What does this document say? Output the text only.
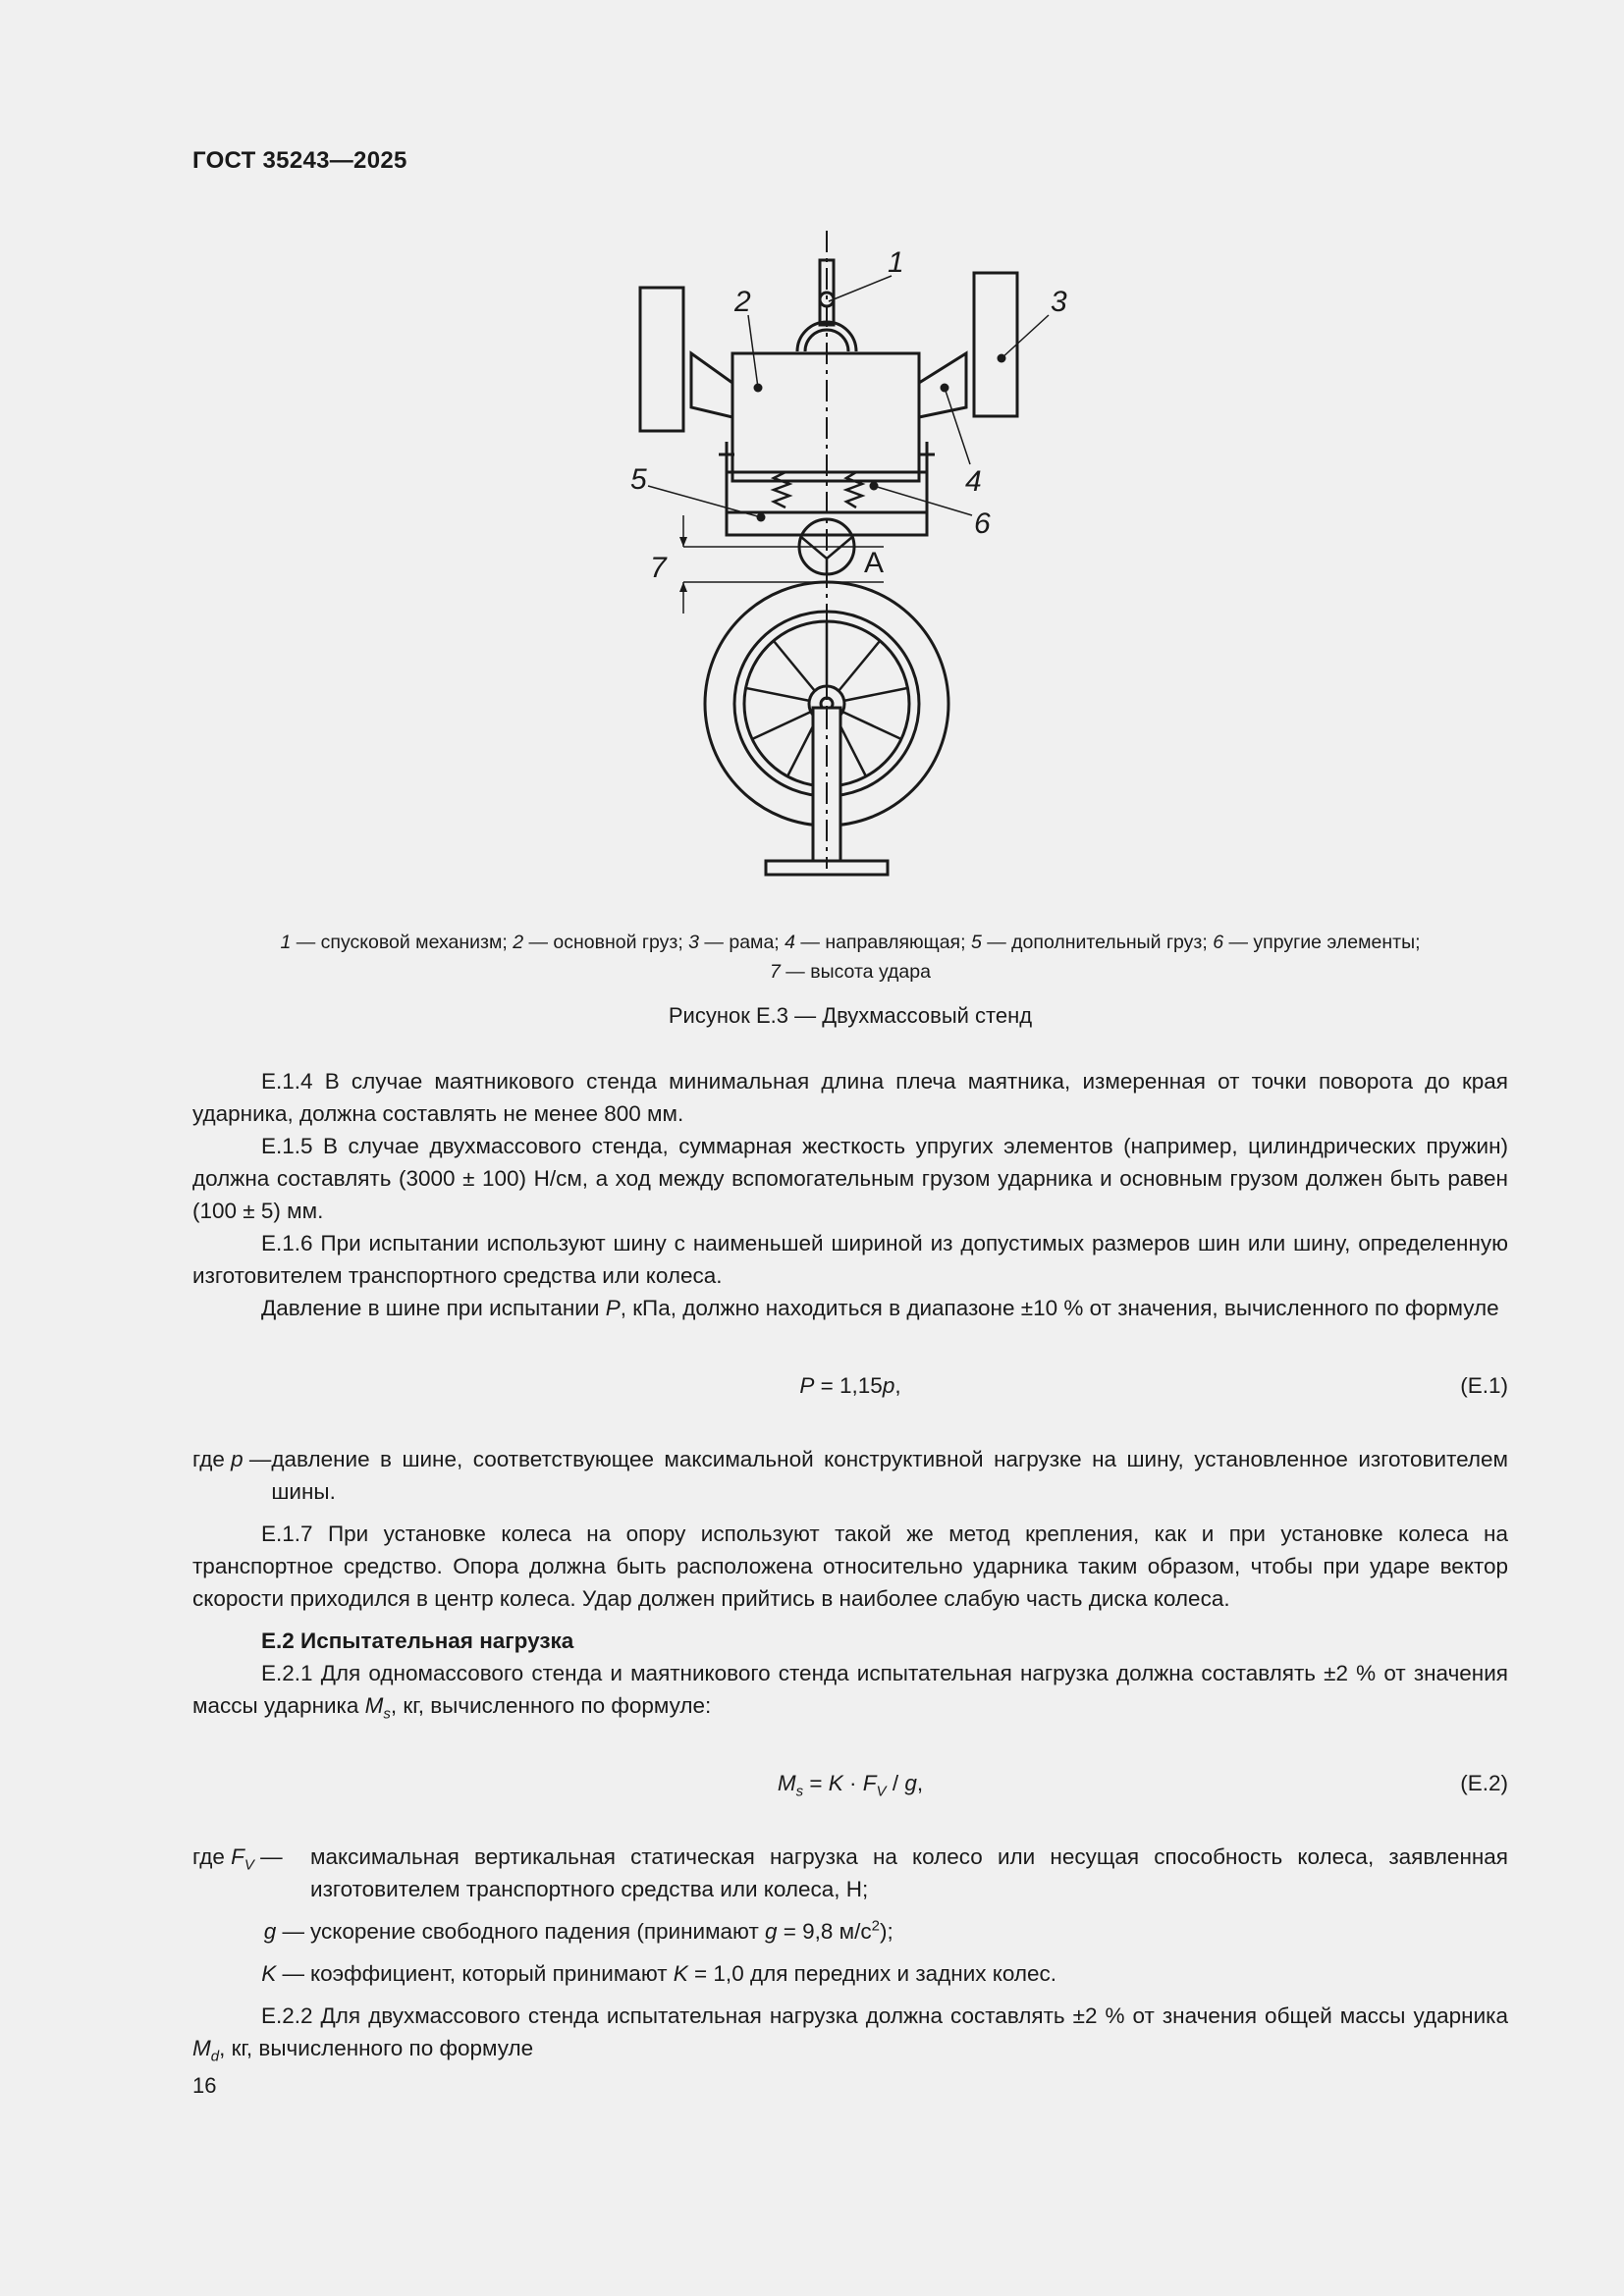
ГОСТ 35243—2025
1
2	3
4
5
6
7	A
1 — спусковой механизм; 2 — основной груз; 3 — рама; 4 — направляющая; 5 — дополнительный груз; 6 — упругие элементы;
7 — высота удара
Рисунок Е.3 — Двухмассовый стенд

Е.1.4 В случае маятникового стенда минимальная длина плеча маятника, измеренная от точки поворота до края ударника, должна составлять не менее 800 мм.

Е.1.5 В случае двухмассового стенда, суммарная жесткость упругих элементов (например, цилиндрических пружин) должна составлять (3000 ± 100) Н/см, а ход между вспомогательным грузом ударника и основным грузом должен быть равен (100 ± 5) мм.

Е.1.6 При испытании используют шину с наименьшей шириной из допустимых размеров шин или шину, определенную изготовителем транспортного средства или колеса.

Давление в шине при испытании P, кПа, должно находиться в диапазоне ±10 % от значения, вычисленного по формуле

P = 1,15p,	(Е.1)
где p — давление в шине, соответствующее максимальной конструктивной нагрузке на шину, установленное изготовителем шины.

Е.1.7 При установке колеса на опору используют такой же метод крепления, как и при установке колеса на транспортное средство. Опора должна быть расположена относительно ударника таким образом, чтобы при ударе вектор скорости приходился в центр колеса. Удар должен прийтись в наиболее слабую часть диска колеса.

Е.2 Испытательная нагрузка

Е.2.1 Для одномассового стенда и маятникового стенда испытательная нагрузка должна составлять ±2 % от значения массы ударника $M_s$, кг, вычисленного по формуле:

$M_s = K \cdot F_V / g$,	(Е.2)
где $F_V$ —	максимальная вертикальная статическая нагрузка на колесо или несущая способность колеса, заявленная изготовителем транспортного средства или колеса, Н;
g — ускорение свободного падения (принимают g = 9,8 $м/с^2$);
K — коэффициент, который принимают K = 1,0 для передних и задних колес.

Е.2.2 Для двухмассового стенда испытательная нагрузка должна составлять ±2 % от значения общей массы ударника $M_d$, кг, вычисленного по формуле

16
